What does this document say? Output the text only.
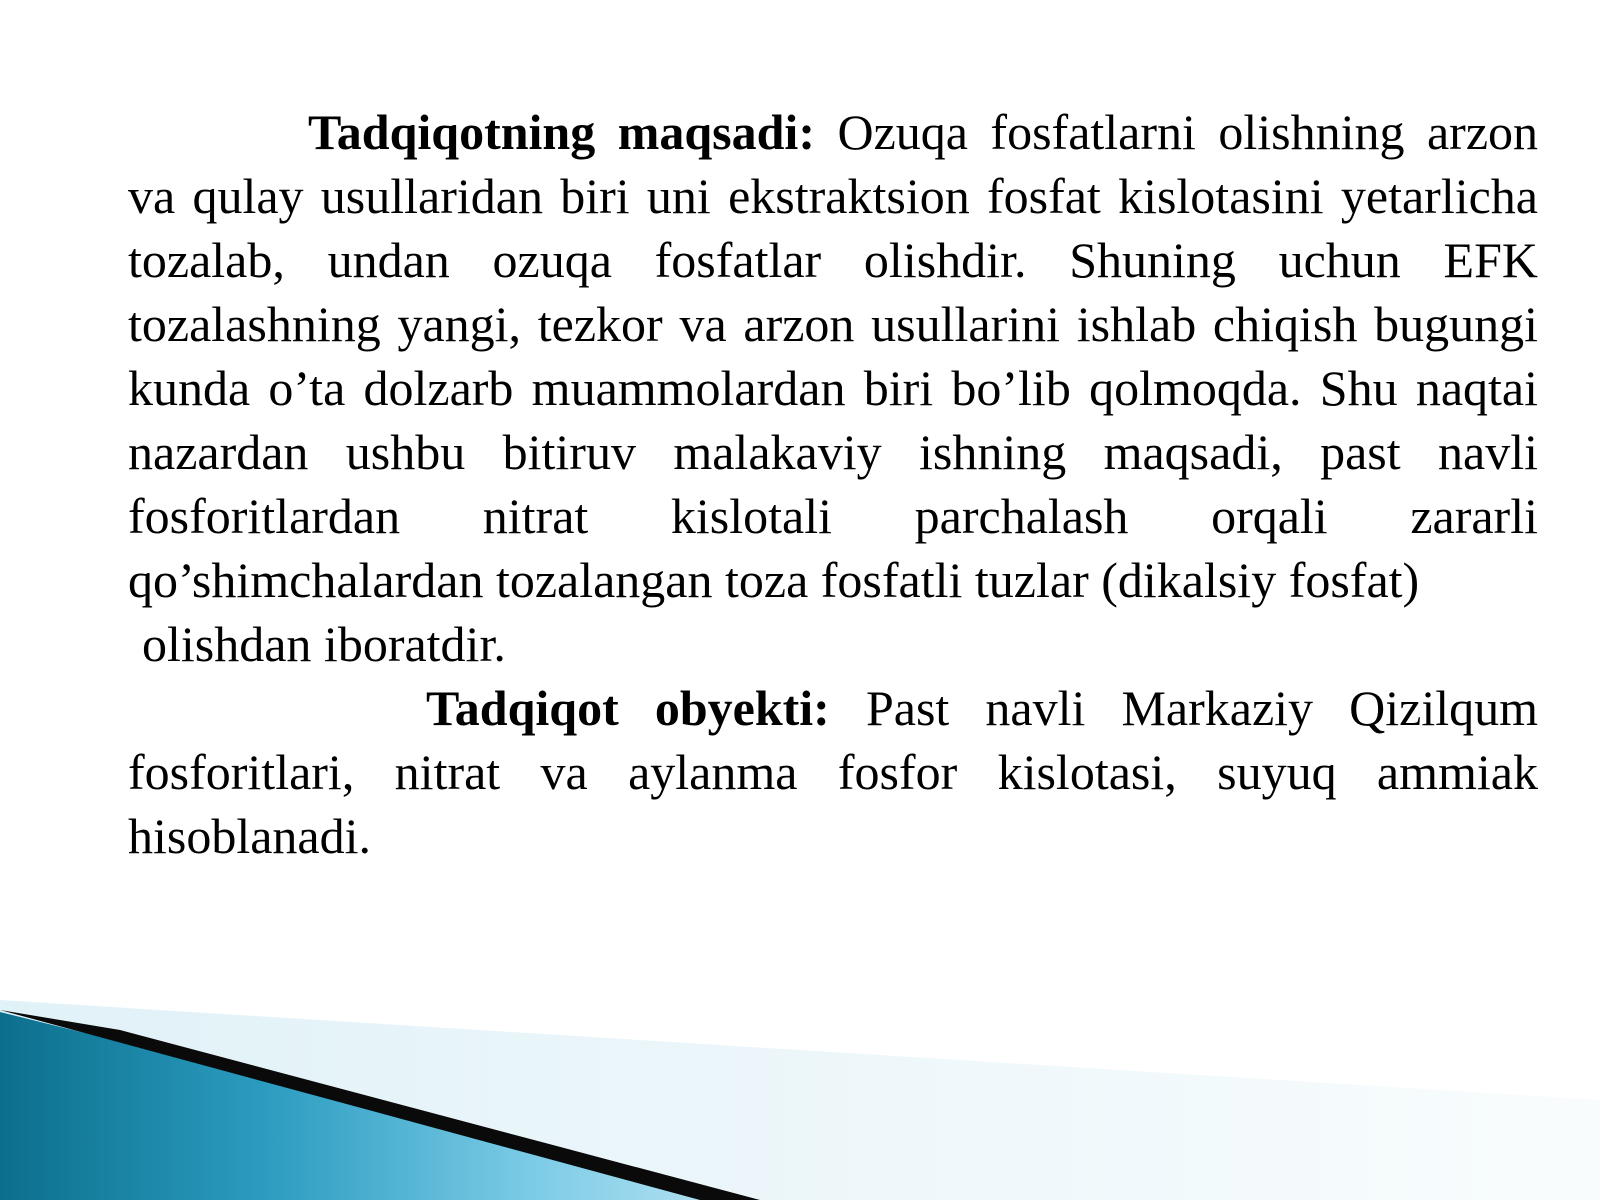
Tadqiqotning maqsadi: Ozuqa fosfatlarni olishning arzon va qulay usullaridan biri uni ekstraktsion fosfat kislotasini yetarlicha tozalab, undan ozuqa fosfatlar olishdir. Shuning uchun EFK tozalashning yangi, tezkor va arzon usullarini ishlab chiqish bugungi kunda o’ta dolzarb muammolardan biri bo’lib qolmoqda. Shu naqtai nazardan ushbu bitiruv malakaviy ishning maqsadi, past navli fosforitlardan nitrat kislotali parchalash orqali zararli qo’shimchalardan tozalangan toza fosfatli tuzlar (dikalsiy fosfat)
olishdan iboratdir.

Tadqiqot obyekti: Past navli Markaziy Qizilqum fosforitlari, nitrat va aylanma fosfor kislotasi, suyuq ammiak hisoblanadi.
